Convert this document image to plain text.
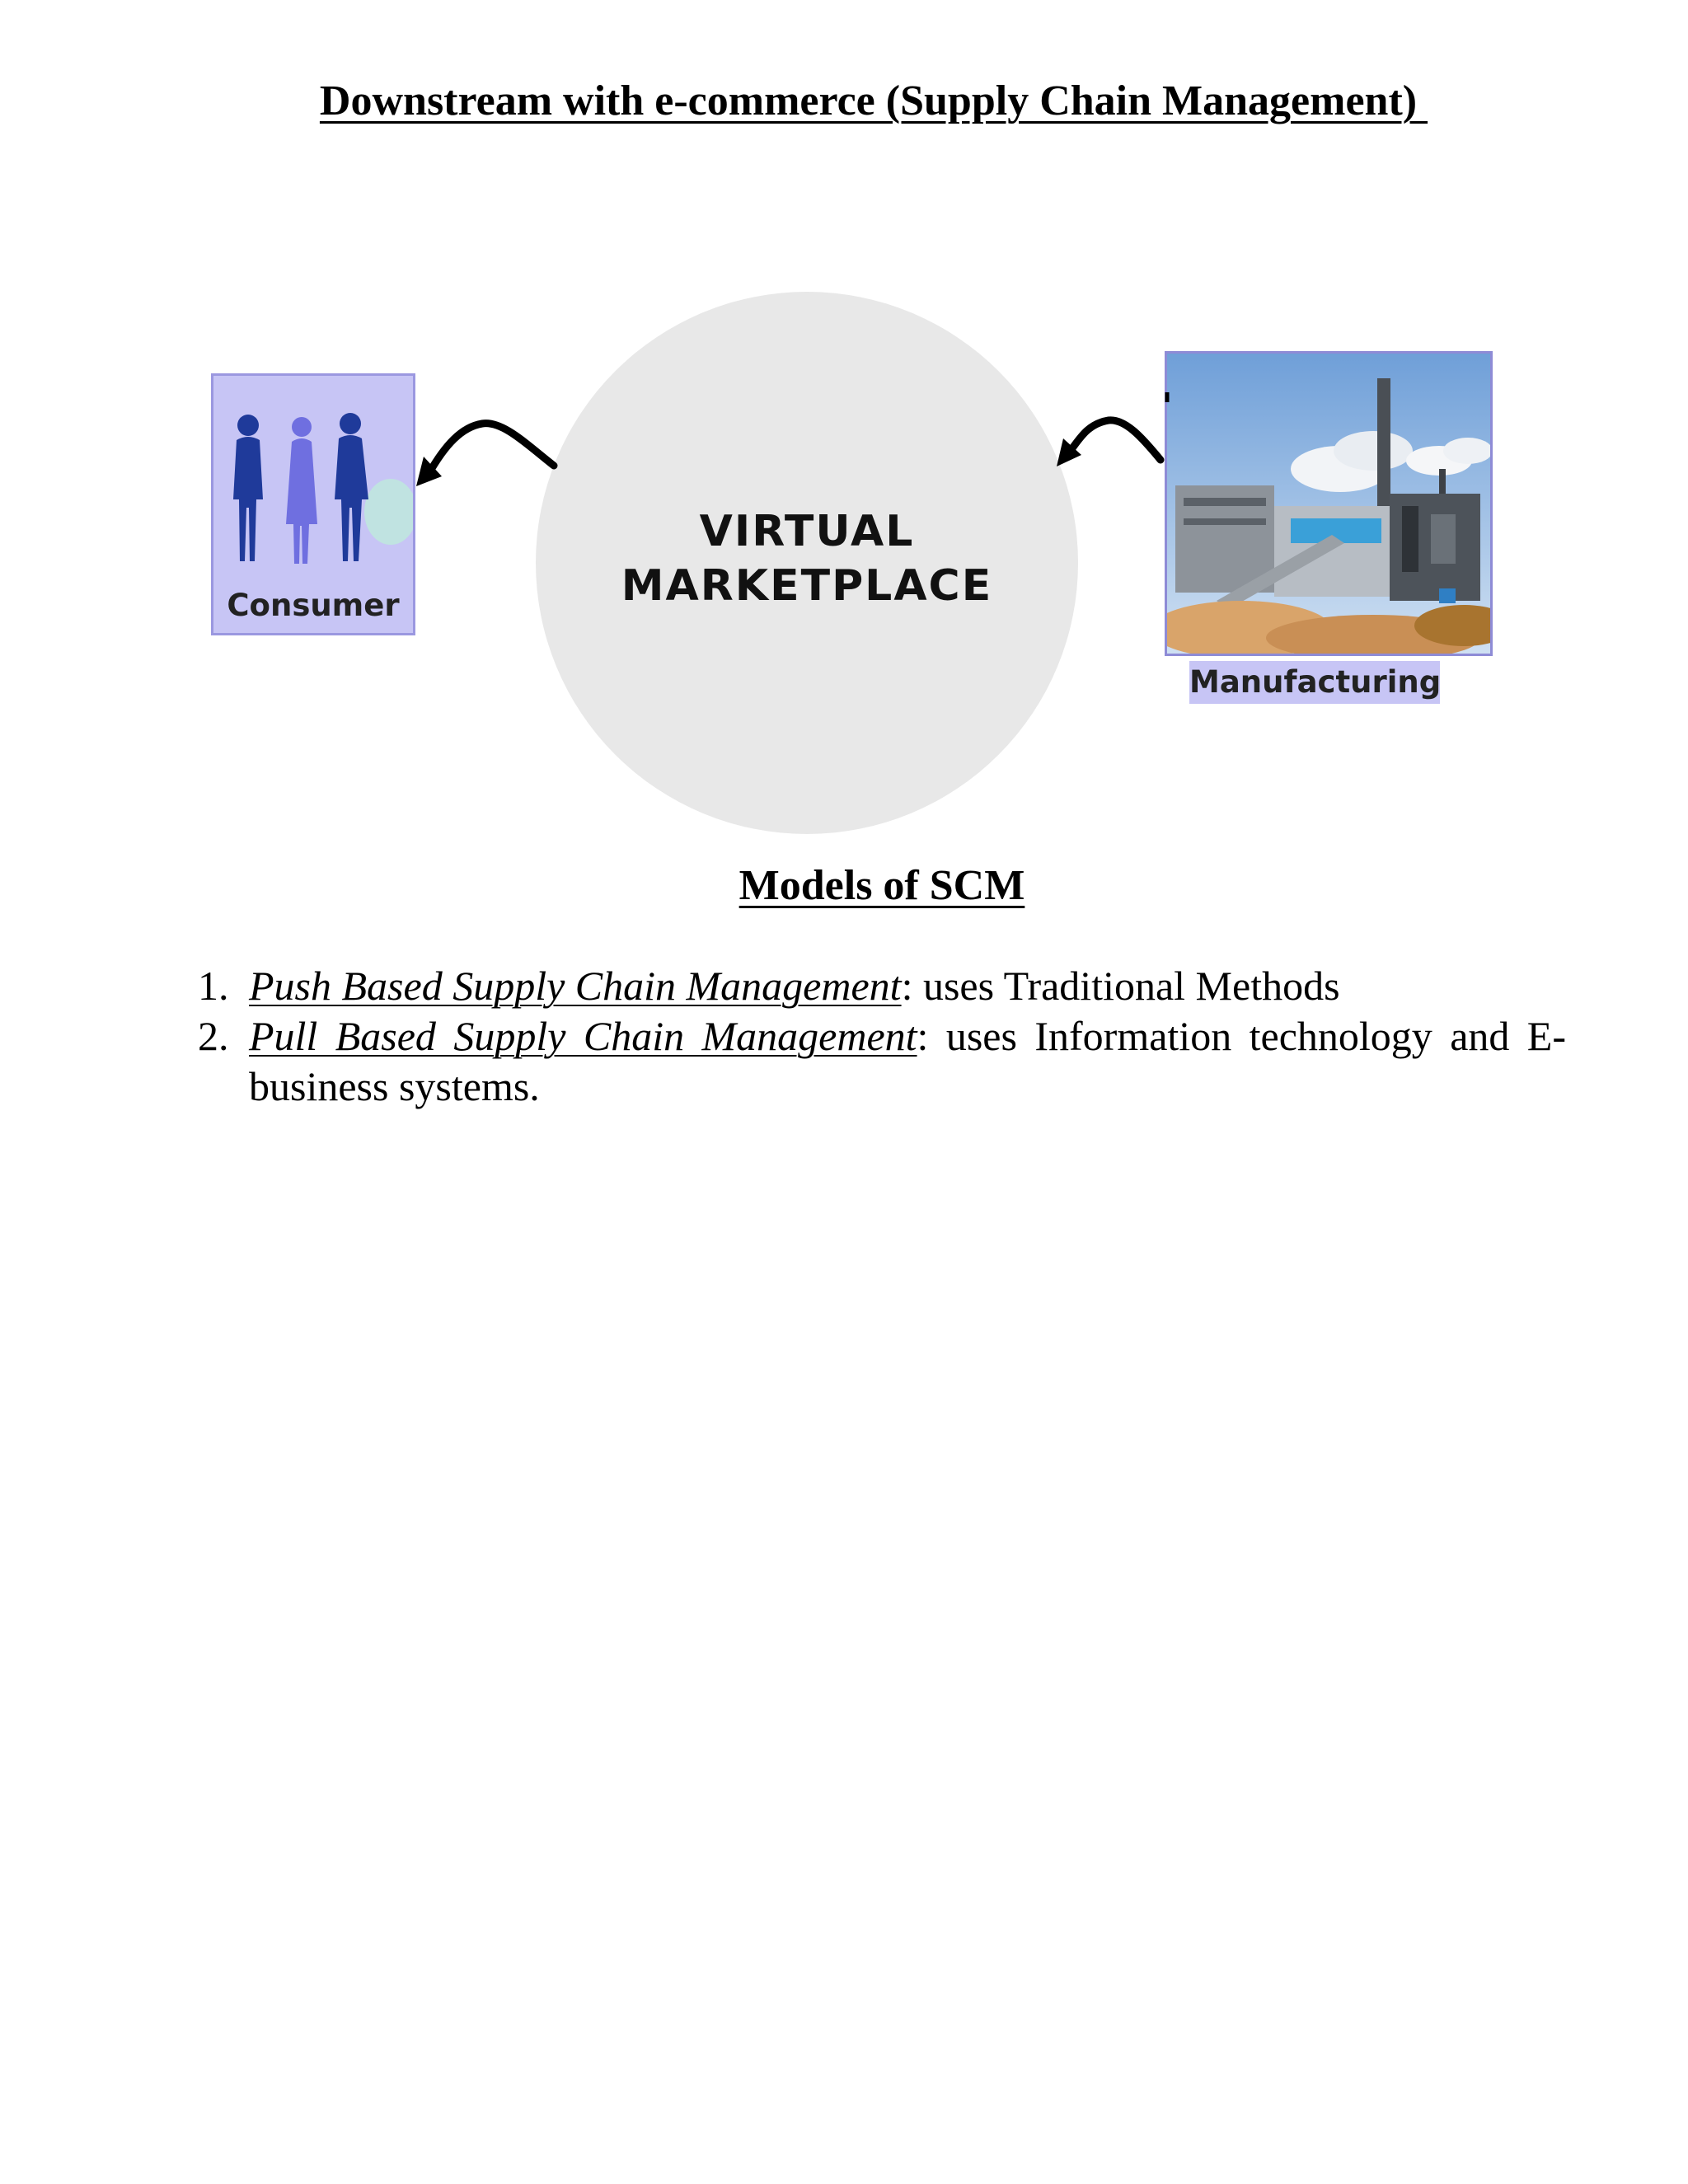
Downstream with e-commerce (Supply Chain Management)
VIRTUAL
MARKETPLACE
Consumer
Manufacturing
Models of SCM
1. Push Based Supply Chain Management: uses Traditional Methods
2. Pull Based Supply Chain Management: uses Information technology and E-business systems.
